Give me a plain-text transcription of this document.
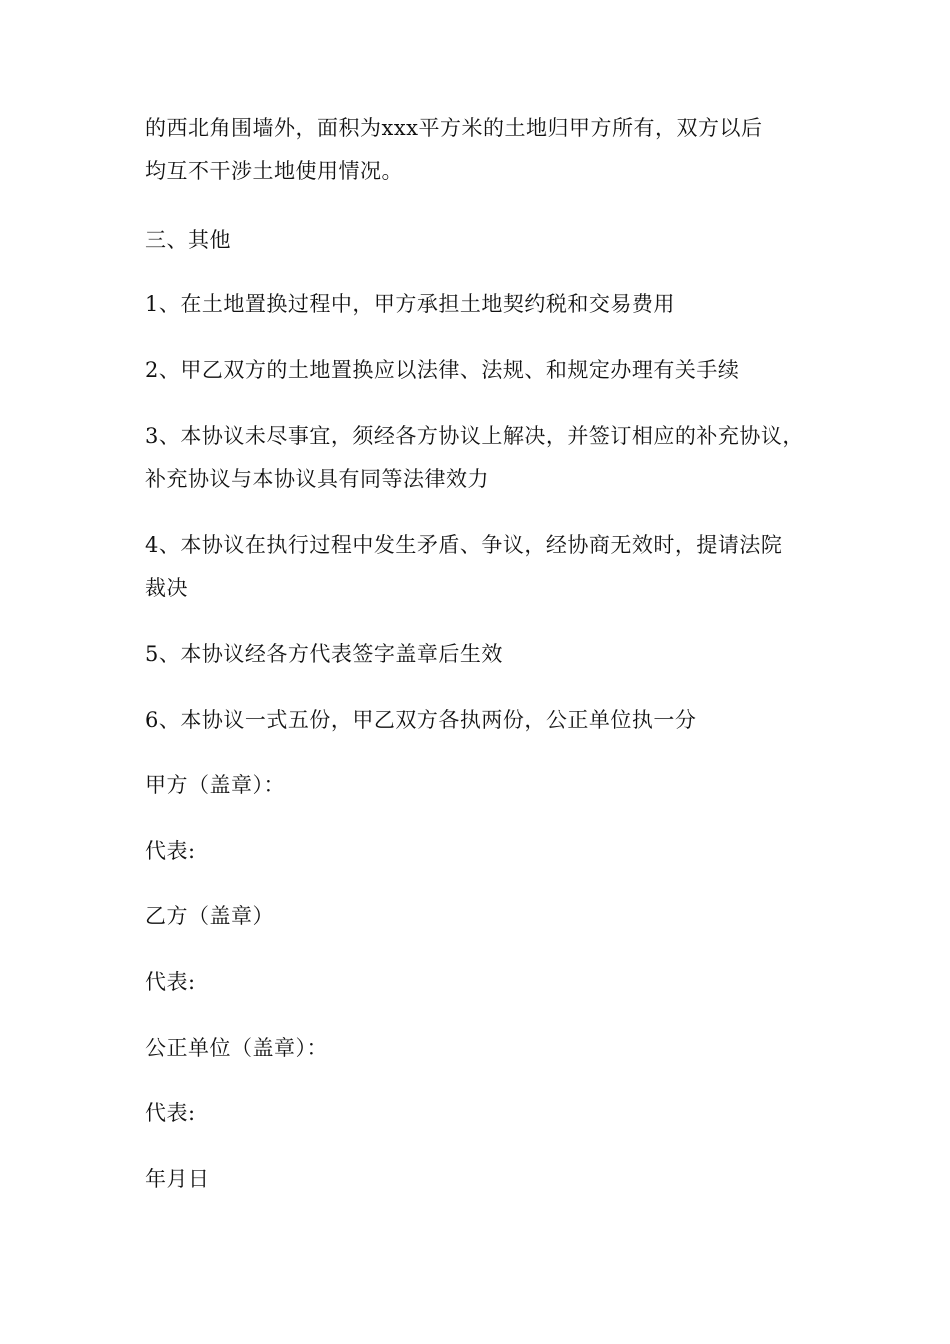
的西北角围墙外，面积为xxx平方米的土地归甲方所有，双方以后
均互不干涉土地使用情况。
三、其他
1、在土地置换过程中，甲方承担土地契约税和交易费用
2、甲乙双方的土地置换应以法律、法规、和规定办理有关手续
3、本协议未尽事宜，须经各方协议上解决，并签订相应的补充协议，
补充协议与本协议具有同等法律效力
4、本协议在执行过程中发生矛盾、争议，经协商无效时，提请法院
裁决
5、本协议经各方代表签字盖章后生效
6、本协议一式五份，甲乙双方各执两份，公正单位执一分
甲方（盖章）：
代表:
乙方（盖章）
代表:
公正单位（盖章）：
代表:
年月日
